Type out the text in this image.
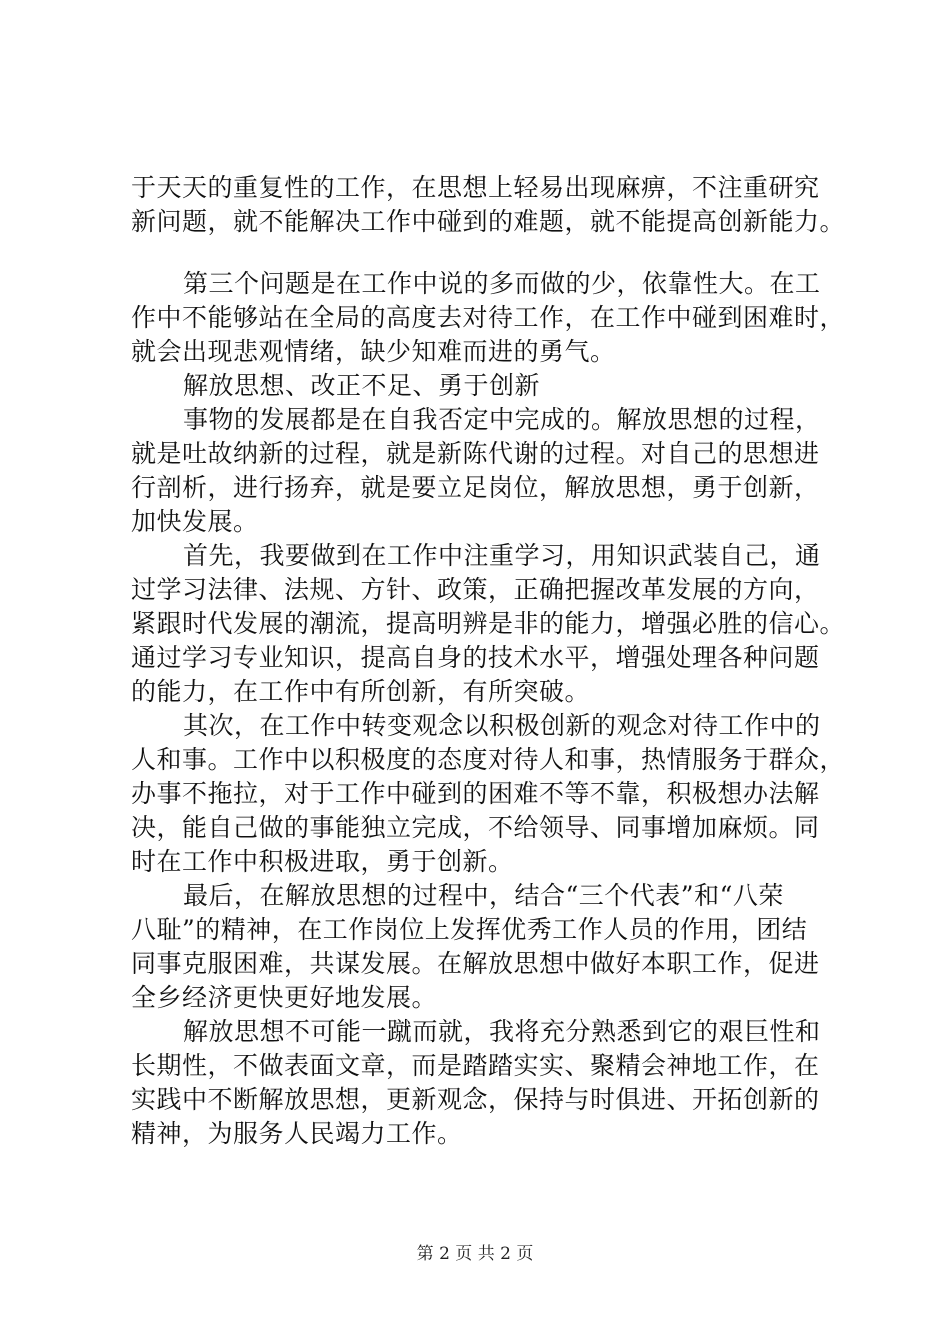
于天天的重复性的工作，在思想上轻易出现麻痹，不注重研究
新问题，就不能解决工作中碰到的难题，就不能提高创新能力。
第三个问题是在工作中说的多而做的少，依靠性大。在工
作中不能够站在全局的高度去对待工作，在工作中碰到困难时，
就会出现悲观情绪，缺少知难而进的勇气。
解放思想、改正不足、勇于创新
事物的发展都是在自我否定中完成的。解放思想的过程，
就是吐故纳新的过程，就是新陈代谢的过程。对自己的思想进
行剖析，进行扬弃，就是要立足岗位，解放思想，勇于创新，
加快发展。
首先，我要做到在工作中注重学习，用知识武装自己，通
过学习法律、法规、方针、政策，正确把握改革发展的方向，
紧跟时代发展的潮流，提高明辨是非的能力，增强必胜的信心。
通过学习专业知识，提高自身的技术水平，增强处理各种问题
的能力，在工作中有所创新，有所突破。
其次，在工作中转变观念以积极创新的观念对待工作中的
人和事。工作中以积极度的态度对待人和事，热情服务于群众，
办事不拖拉，对于工作中碰到的困难不等不靠，积极想办法解
决，能自己做的事能独立完成，不给领导、同事增加麻烦。同
时在工作中积极进取，勇于创新。
最后，在解放思想的过程中，结合“三个代表”和“八荣
八耻”的精神，在工作岗位上发挥优秀工作人员的作用，团结
同事克服困难，共谋发展。在解放思想中做好本职工作，促进
全乡经济更快更好地发展。
解放思想不可能一蹴而就，我将充分熟悉到它的艰巨性和
长期性，不做表面文章，而是踏踏实实、聚精会神地工作，在
实践中不断解放思想，更新观念，保持与时俱进、开拓创新的
精神，为服务人民竭力工作。
第 2 页 共 2 页
